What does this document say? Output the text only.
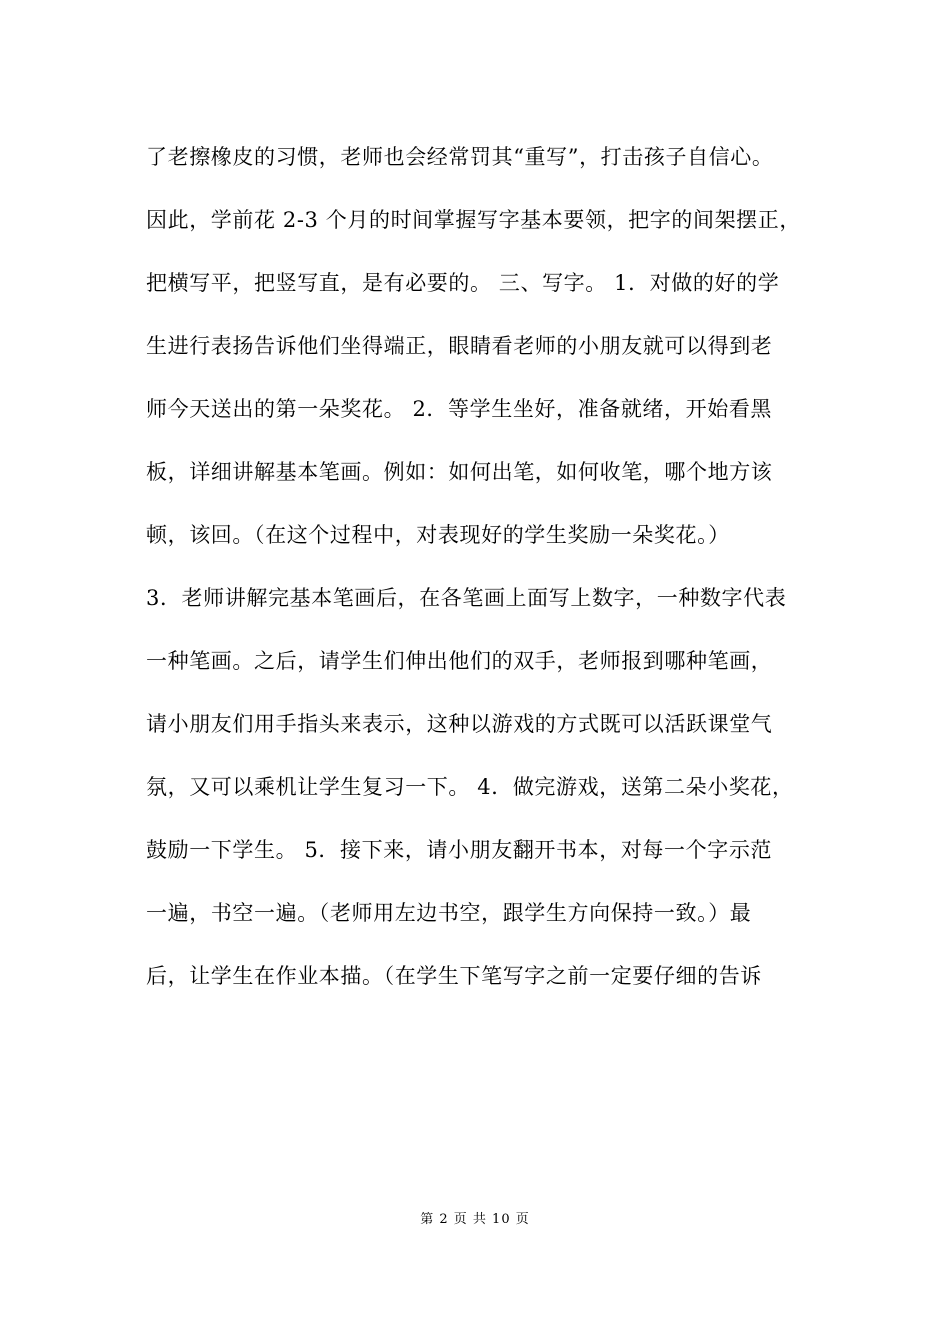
了老擦橡皮的习惯，老师也会经常罚其“重写”，打击孩子自信心。
因此，学前花 2-3 个月的时间掌握写字基本要领，把字的间架摆正，
把横写平，把竖写直，是有必要的。 三、写字。 1．对做的好的学
生进行表扬告诉他们坐得端正，眼睛看老师的小朋友就可以得到老
师今天送出的第一朵奖花。 2．等学生坐好，准备就绪，开始看黑
板，详细讲解基本笔画。例如：如何出笔，如何收笔，哪个地方该
顿，该回。（在这个过程中，对表现好的学生奖励一朵奖花。）
3．老师讲解完基本笔画后，在各笔画上面写上数字，一种数字代表
一种笔画。之后，请学生们伸出他们的双手，老师报到哪种笔画，
请小朋友们用手指头来表示，这种以游戏的方式既可以活跃课堂气
氛，又可以乘机让学生复习一下。 4．做完游戏，送第二朵小奖花，
鼓励一下学生。 5．接下来，请小朋友翻开书本，对每一个字示范
一遍，书空一遍。（老师用左边书空，跟学生方向保持一致。）最
后，让学生在作业本描。（在学生下笔写字之前一定要仔细的告诉
第 2 页 共 10 页
